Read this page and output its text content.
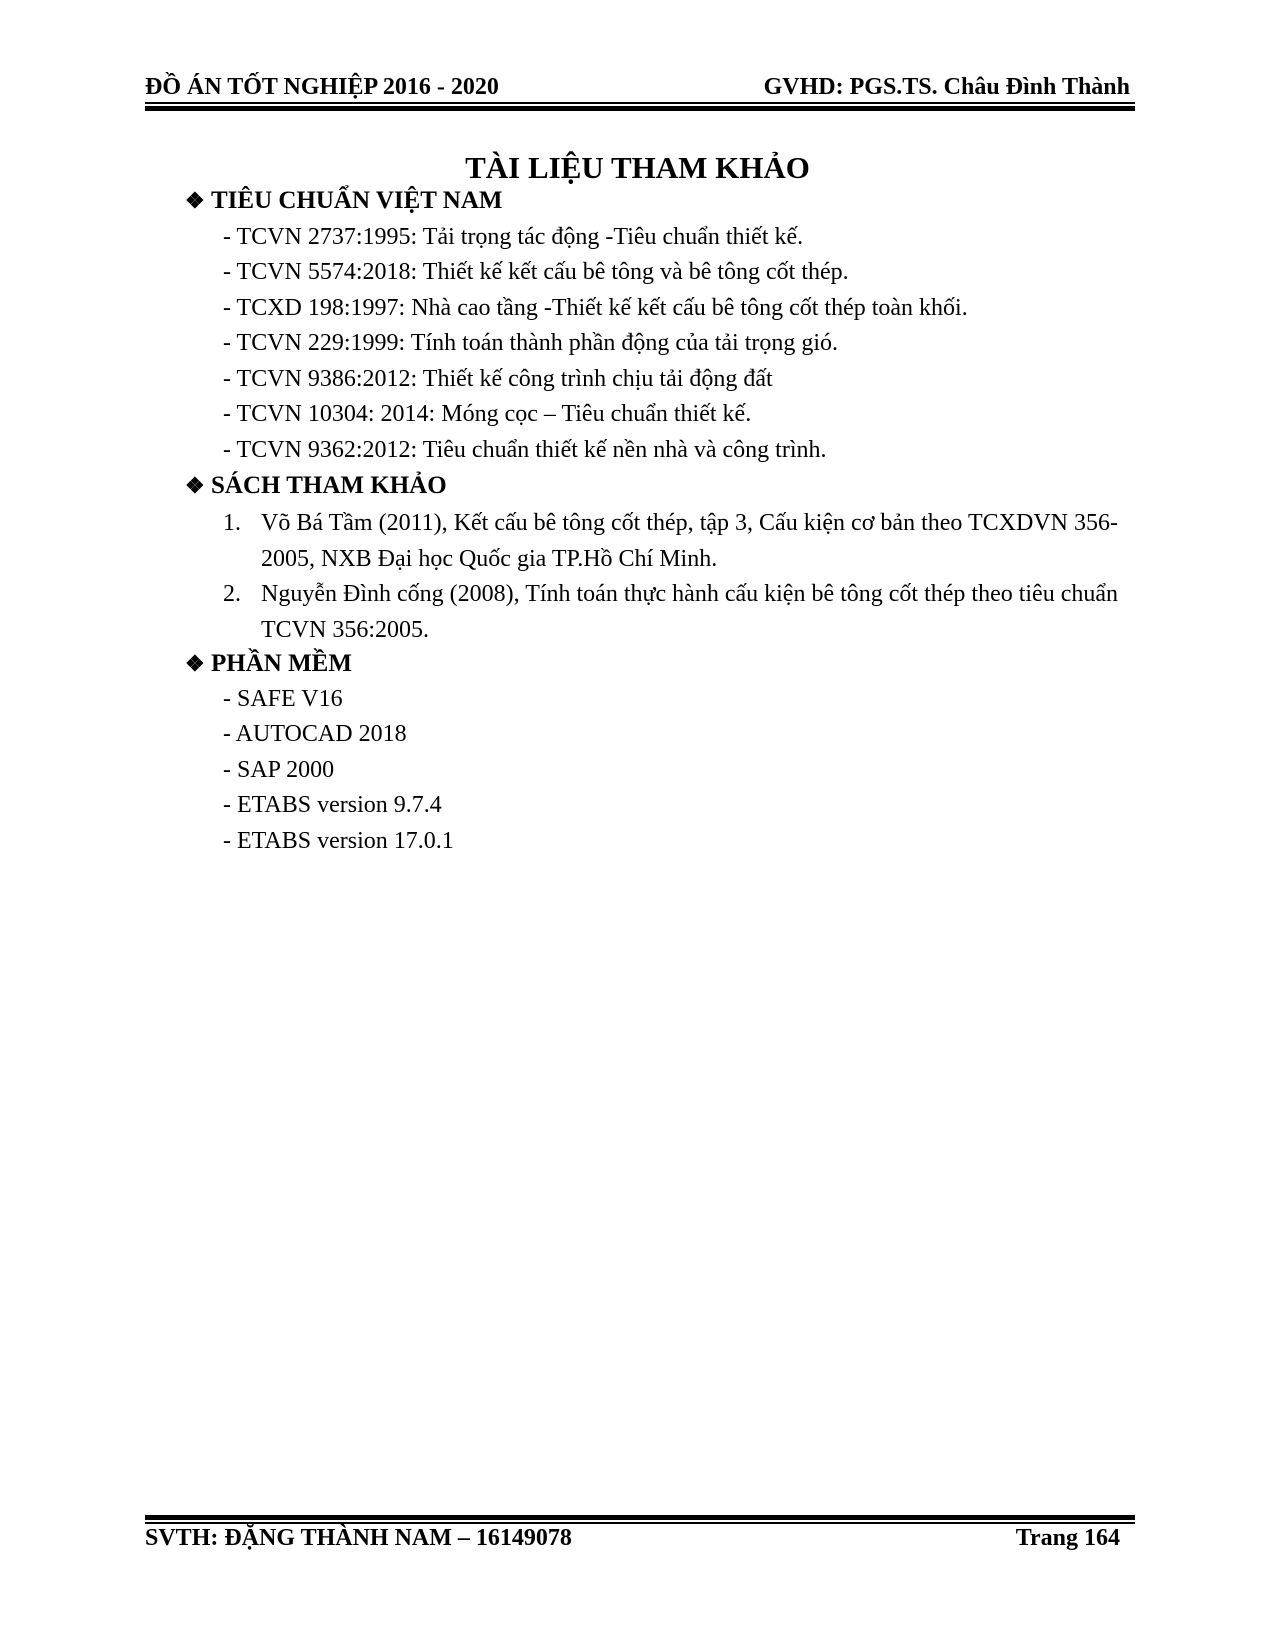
ĐỒ ÁN TỐT NGHIỆP 2016 - 2020	GVHD: PGS.TS. Châu Đình Thành
TÀI LIỆU THAM KHẢO
❖ TIÊU CHUẨN VIỆT NAM
- TCVN 2737:1995: Tải trọng tác động -Tiêu chuẩn thiết kế.
- TCVN 5574:2018: Thiết kế kết cấu bê tông và bê tông cốt thép.
- TCXD 198:1997: Nhà cao tầng -Thiết kế kết cấu bê tông cốt thép toàn khối.
- TCVN 229:1999: Tính toán thành phần động của tải trọng gió.
- TCVN 9386:2012: Thiết kế công trình chịu tải động đất
- TCVN 10304: 2014: Móng cọc – Tiêu chuẩn thiết kế.
- TCVN 9362:2012: Tiêu chuẩn thiết kế nền nhà và công trình.
❖ SÁCH THAM KHẢO
1. Võ Bá Tầm (2011), Kết cấu bê tông cốt thép, tập 3, Cấu kiện cơ bản theo TCXDVN 356-2005, NXB Đại học Quốc gia TP.Hồ Chí Minh.
2. Nguyễn Đình cống (2008), Tính toán thực hành cấu kiện bê tông cốt thép theo tiêu chuẩn TCVN 356:2005.
❖ PHẦN MỀM
- SAFE V16
- AUTOCAD 2018
- SAP 2000
- ETABS version 9.7.4
- ETABS version 17.0.1
SVTH: ĐẶNG THÀNH NAM – 16149078	Trang 164
